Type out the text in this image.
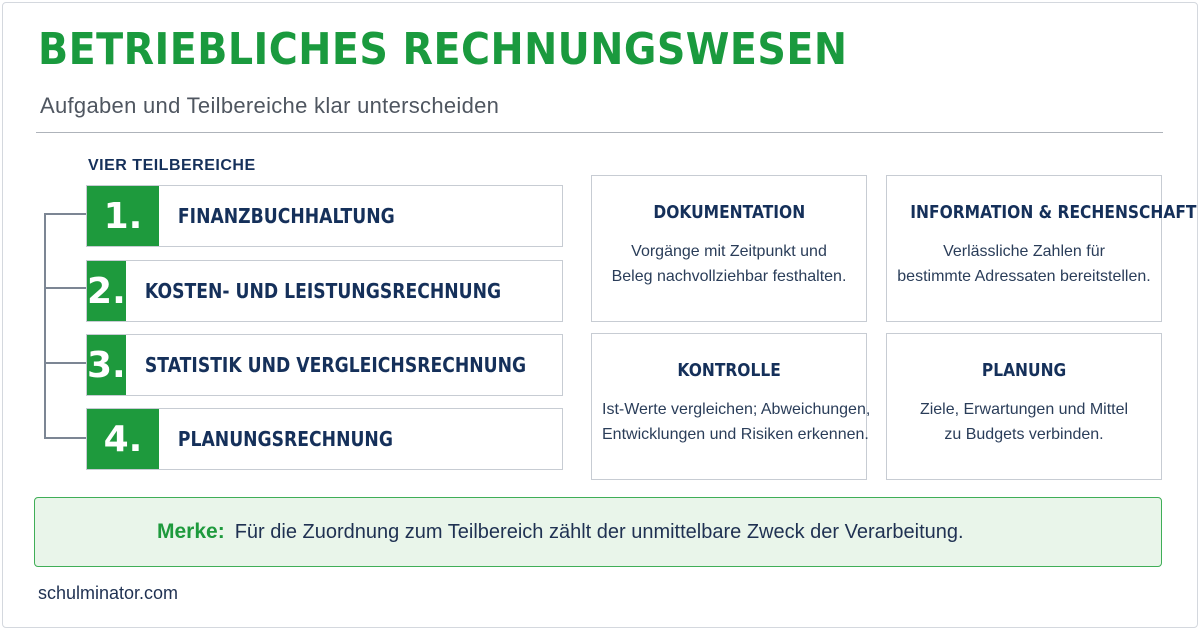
BETRIEBLICHES RECHNUNGSWESEN
Aufgaben und Teilbereiche klar unterscheiden
VIER TEILBEREICHE
1.	FINANZBUCHHALTUNG
2. KOSTEN- UND LEISTUNGSRECHNUNG
3. STATISTIK UND VERGLEICHSRECHNUNG
4.	PLANUNGSRECHNUNG
DOKUMENTATION
Vorgänge mit Zeitpunkt und
Beleg nachvollziehbar festhalten.
INFORMATION & RECHENSCHAFT
Verlässliche Zahlen für
bestimmte Adressaten bereitstellen.
KONTROLLE
Ist-Werte vergleichen; Abweichungen,
Entwicklungen und Risiken erkennen.
PLANUNG
Ziele, Erwartungen und Mittel
zu Budgets verbinden.
Merke: Für die Zuordnung zum Teilbereich zählt der unmittelbare Zweck der Verarbeitung.
schulminator.com
